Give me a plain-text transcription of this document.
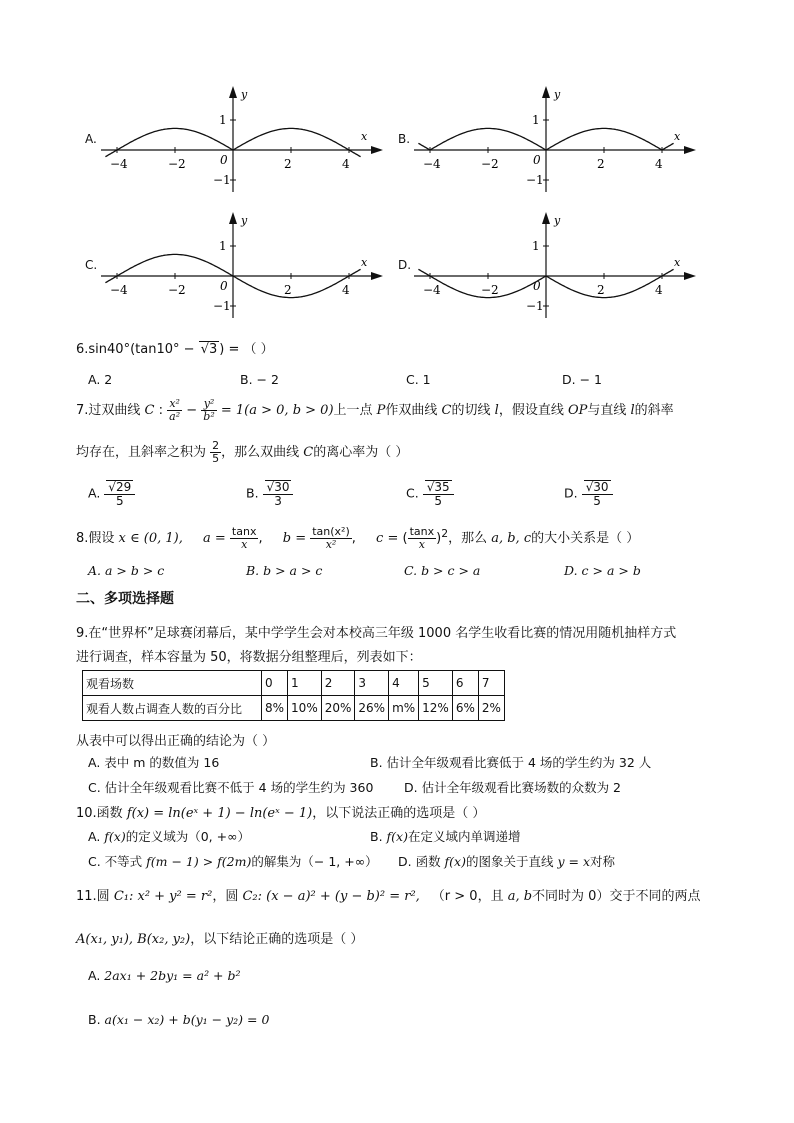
A.
−4	−2	2	4
1
−1
0
x
y
B.
−4	−2	2	4
1
−1
0
x
y
C.
−4	−2	2	4
1
−1
0
x
y
D.
−4	−2	2	4
1
−1
0
x
y
6.sin40°(tan10° − √3 ) = （ ）
A. 2	B. − 2	C. 1	D. − 1
7.过双曲线 C : $\frac{\text{x²}}{\text{a²}} - \frac{\text{y²}}{\text{b²}} = 1(a > 0$, b > 0)上一点 P作双曲线 C的切线 l，假设直线 OP与直线 l的斜率
均存在，且斜率之积为 $\frac{2}{5}$ ，那么双曲线 C的离心率为（ ）
A. $\frac{√29}{5}$	B. $\frac{√30}{3}$	C. $\frac{√35}{5}$	D. $\frac{√30}{5}$
8.假设 x ∈ (0, 1), $a = \frac{\tan x}{x}$ , $b = \frac{\text{tan(x²)}}{\text{x²}}$ , c = ( $\frac{\tan x}{x} )^2$，那么 a, b, c的大小关系是（ ）
A. a > b > c	B. b > a > c	C. b > c > a	D. c > a > b
二、多项选择题
9.在“世界杯”足球赛闭幕后，某中学学生会对本校高三年级 1000 名学生收看比赛的情况用随机抽样方式
进行调查，样本容量为 50，将数据分组整理后，列表如下：
观看场数	0	1	2	3	4	5	6	7
观看人数占调查人数的百分比	8%	10%	20%	26%	m%	12%	6%	2%
从表中可以得出正确的结论为（ ）
A. 表中 m 的数值为 16	B. 估计全年级观看比赛低于 4 场的学生约为 32 人
C. 估计全年级观看比赛不低于 4 场的学生约为 360 D. 估计全年级观看比赛场数的众数为 2
10.函数 f(x) = ln(eˣ + 1) − ln(eˣ − 1)，以下说法正确的选项是（ ）
A. f(x)的定义域为（0, +∞）	B. f(x)在定义域内单调递增
C. 不等式 f(m − 1) > f(2m)的解集为（− 1, +∞） D. 函数 f(x)的图象关于直线 y = x对称
11.圆 C₁: x² + y² = r²，圆 C₂: (x − a)² + (y − b)² = r², （r > 0，且 a, b不同时为 0）交于不同的两点
A(x₁, y₁), B(x₂, y₂)，以下结论正确的选项是（ ）
A. 2ax₁ + 2by₁ = a² + b²
B. a(x₁ − x₂) + b(y₁ − y₂) = 0
